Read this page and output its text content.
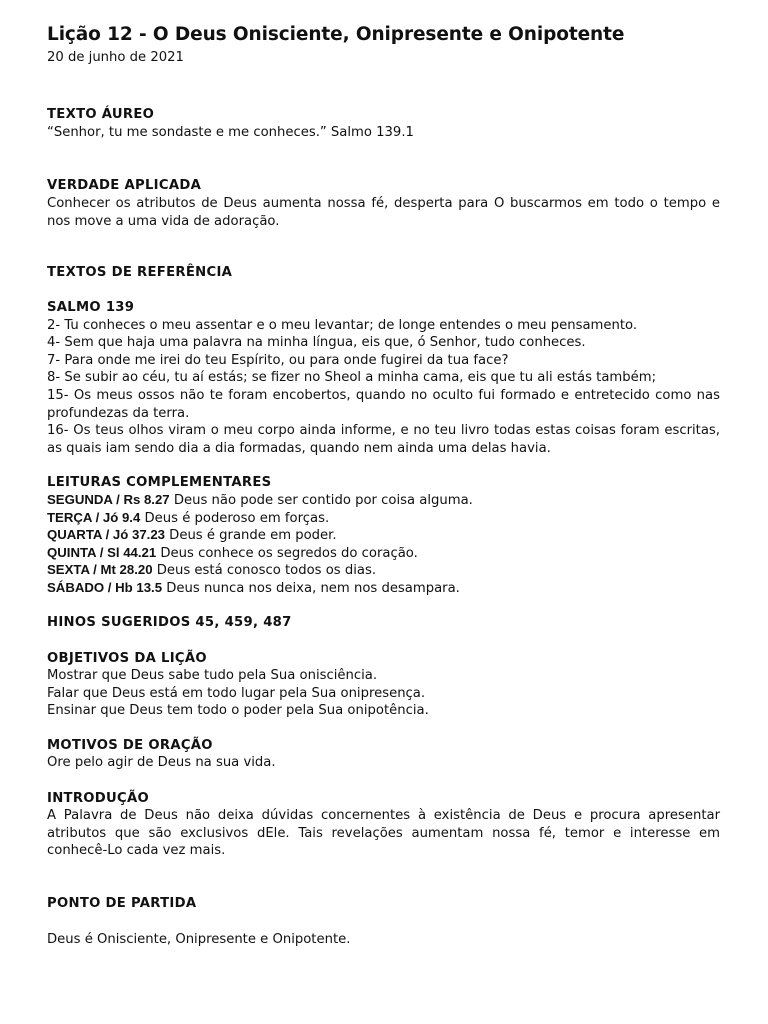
Lição 12 - O Deus Onisciente, Onipresente e Onipotente
20 de junho de 2021
TEXTO ÁUREO
“Senhor, tu me sondaste e me conheces.” Salmo 139.1
VERDADE APLICADA
Conhecer os atributos de Deus aumenta nossa fé, desperta para O buscarmos em todo o tempo e nos move a uma vida de adoração.
TEXTOS DE REFERÊNCIA
SALMO 139
2- Tu conheces o meu assentar e o meu levantar; de longe entendes o meu pensamento.
4- Sem que haja uma palavra na minha língua, eis que, ó Senhor, tudo conheces.
7- Para onde me irei do teu Espírito, ou para onde fugirei da tua face?
8- Se subir ao céu, tu aí estás; se fizer no Sheol a minha cama, eis que tu ali estás também;
15- Os meus ossos não te foram encobertos, quando no oculto fui formado e entretecido como nas profundezas da terra.
16- Os teus olhos viram o meu corpo ainda informe, e no teu livro todas estas coisas foram escritas, as quais iam sendo dia a dia formadas, quando nem ainda uma delas havia.
LEITURAS COMPLEMENTARES
SEGUNDA / Rs 8.27 Deus não pode ser contido por coisa alguma.
TERÇA / Jó 9.4 Deus é poderoso em forças.
QUARTA / Jó 37.23 Deus é grande em poder.
QUINTA / Sl 44.21 Deus conhece os segredos do coração.
SEXTA / Mt 28.20 Deus está conosco todos os dias.
SÁBADO / Hb 13.5 Deus nunca nos deixa, nem nos desampara.
HINOS SUGERIDOS 45, 459, 487
OBJETIVOS DA LIÇÃO
Mostrar que Deus sabe tudo pela Sua onisciência.
Falar que Deus está em todo lugar pela Sua onipresença.
Ensinar que Deus tem todo o poder pela Sua onipotência.
MOTIVOS DE ORAÇÃO
Ore pelo agir de Deus na sua vida.
INTRODUÇÃO
A Palavra de Deus não deixa dúvidas concernentes à existência de Deus e procura apresentar atributos que são exclusivos dEle. Tais revelações aumentam nossa fé, temor e interesse em conhecê-Lo cada vez mais.
PONTO DE PARTIDA
Deus é Onisciente, Onipresente e Onipotente.
